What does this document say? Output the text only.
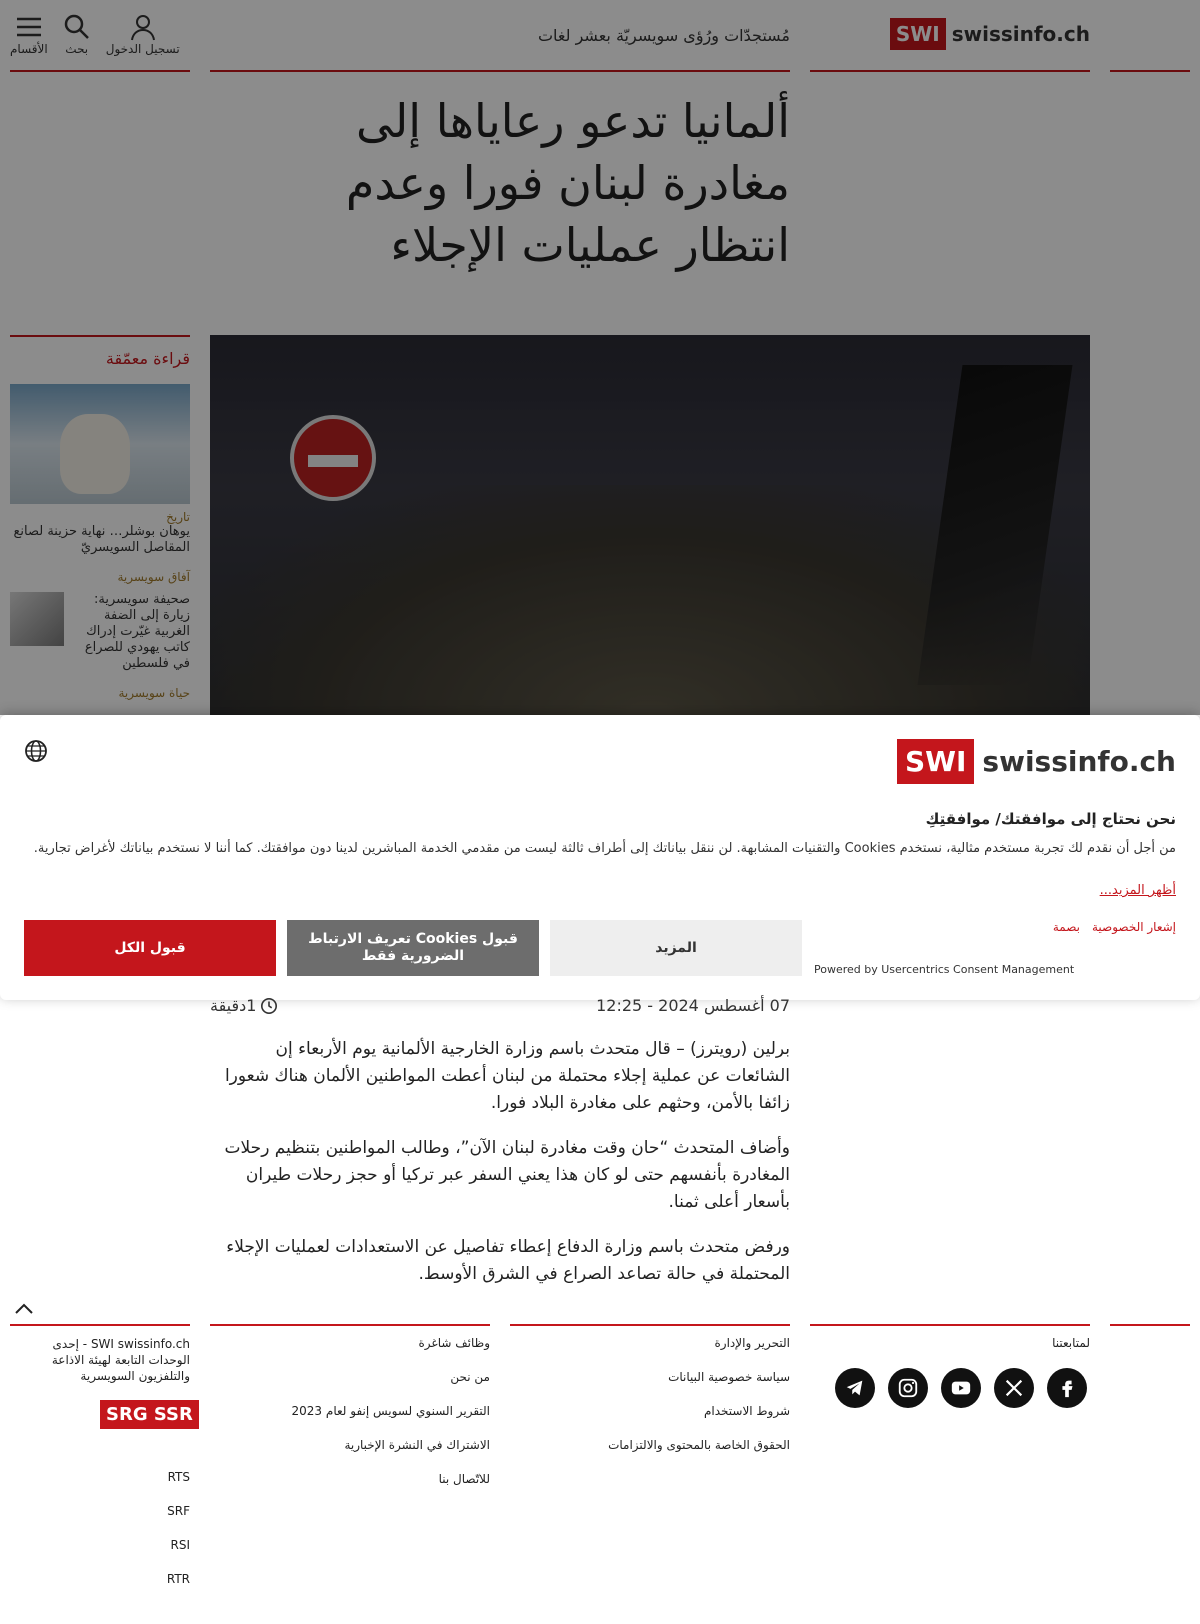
SWI swissinfo.ch
مُستجدّات ورُؤى سويسريّة بعشر لغات
الأقسام بحث تسجيل الدخول
ألمانيا تدعو رعاياها إلى مغادرة لبنان فورا وعدم انتظار عمليات الإجلاء
قراءة معمّقة
تاريخ
يوهان بوشلر… نهاية حزينة لصانع المقاصل السويسريّ
آفاق سويسرية
صحيفة سويسرية: زيارة إلى الضفة الغربية غيّرت إدراك كاتب يهودي للصراع في فلسطين
حياة سويسرية
SWI swissinfo.ch
نحن نحتاج إلى موافقتك/ موافقتِكِ
من أجل أن نقدم لك تجربة مستخدم مثالية، نستخدم Cookies والتقنيات المشابهة. لن ننقل بياناتك إلى أطراف ثالثة ليست من مقدمي الخدمة المباشرين لدينا دون موافقتك. كما أننا لا نستخدم بياناتك لأغراض تجارية.
أظهر المزيد...
إشعار الخصوصية
بصمة
Powered by Usercentrics Consent Management
المزيد
قبول Cookies تعريف الارتباط الضرورية فقط
قبول الكل
07 أغسطس 2024 - 12:25
1دقيقة

برلين (رويترز) – قال متحدث باسم وزارة الخارجية الألمانية يوم الأربعاء إن الشائعات عن عملية إجلاء محتملة من لبنان أعطت المواطنين الألمان هناك شعورا زائفا بالأمن، وحثهم على مغادرة البلاد فورا.

وأضاف المتحدث “حان وقت مغادرة لبنان الآن”، وطالب المواطنين بتنظيم رحلات المغادرة بأنفسهم حتى لو كان هذا يعني السفر عبر تركيا أو حجز رحلات طيران بأسعار أعلى ثمنا.

ورفض متحدث باسم وزارة الدفاع إعطاء تفاصيل عن الاستعدادات لعمليات الإجلاء المحتملة في حالة تصاعد الصراع في الشرق الأوسط.

لمتابعتنا
التحرير والإدارة
سياسة خصوصية البيانات
شروط الاستخدام
الحقوق الخاصة بالمحتوى والالتزامات
وظائف شاغرة
من نحن
التقرير السنوي لسويس إنفو لعام 2023
الاشتراك في النشرة الإخبارية
للاتّصال بنا
SWI swissinfo.ch - إحدى الوحدات التابعة لهيئة الاذاعة والتلفزيون السويسرية
SRG SSR
RTS
SRF
RSI
RTR
